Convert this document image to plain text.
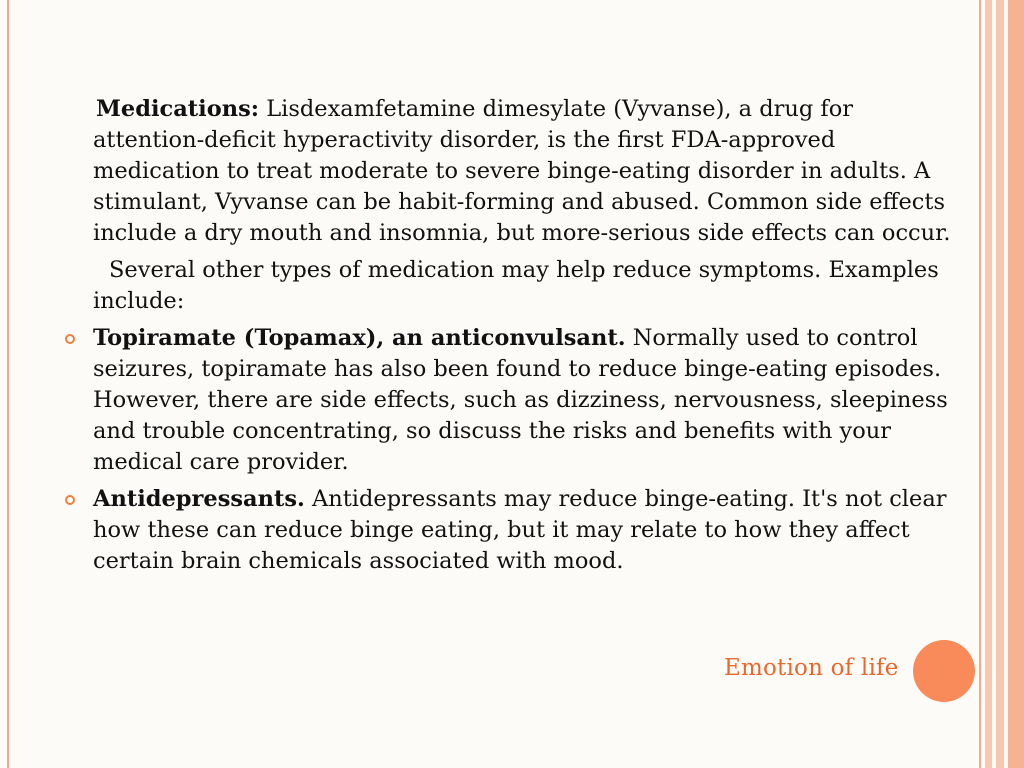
Medications: Lisdexamfetamine dimesylate (Vyvanse), a drug for attention-deficit hyperactivity disorder, is the first FDA-approved medication to treat moderate to severe binge-eating disorder in adults. A stimulant, Vyvanse can be habit-forming and abused. Common side effects include a dry mouth and insomnia, but more-serious side effects can occur.

Several other types of medication may help reduce symptoms. Examples include:

Topiramate (Topamax), an anticonvulsant. Normally used to control seizures, topiramate has also been found to reduce binge-eating episodes. However, there are side effects, such as dizziness, nervousness, sleepiness and trouble concentrating, so discuss the risks and benefits with your medical care provider.
Antidepressants. Antidepressants may reduce binge-eating. It's not clear how these can reduce binge eating, but it may relate to how they affect certain brain chemicals associated with mood.
Emotion of life
